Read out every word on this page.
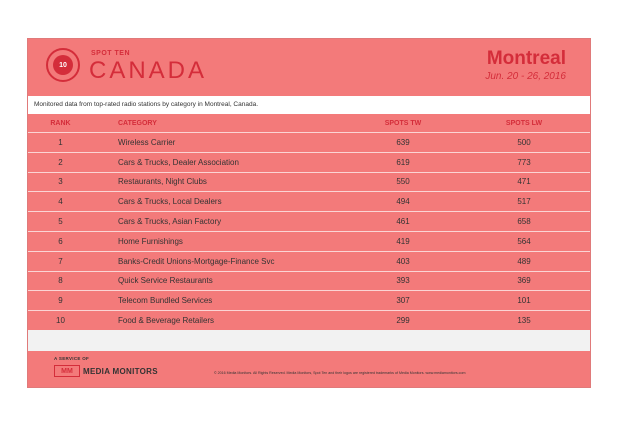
10
SPOT TEN
CANADA	Montreal
Jun. 20 - 26, 2016
Monitored data from top-rated radio stations by category in Montreal, Canada.
RANK	CATEGORY	SPOTS TW	SPOTS LW
1	Wireless Carrier	639	500
2	Cars & Trucks, Dealer Association	619	773
3	Restaurants, Night Clubs	550	471
4	Cars & Trucks, Local Dealers	494	517
5	Cars & Trucks, Asian Factory	461	658
6	Home Furnishings	419	564
7	Banks-Credit Unions-Mortgage-Finance Svc	403	489
8	Quick Service Restaurants	393	369
9	Telecom Bundled Services	307	101
10	Food & Beverage Retailers	299	135
A SERVICE OF
MM	MEDIA MONITORS	© 2016 Media Monitors. All Rights Reserved. Media Monitors, Spot Ten and their logos are registered trademarks of Media Monitors. www.mediamonitors.com
